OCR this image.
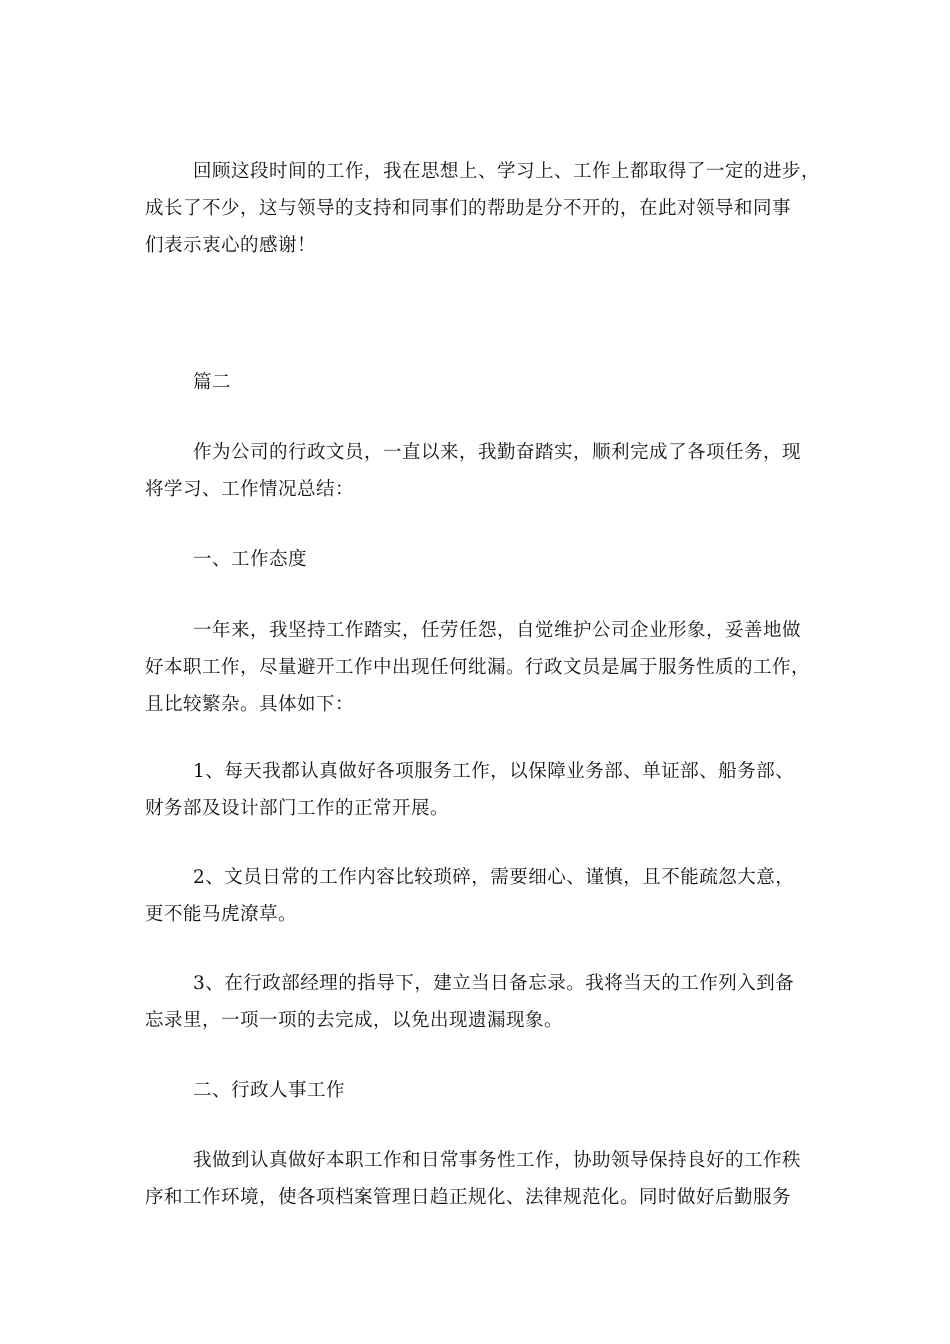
回顾这段时间的工作，我在思想上、学习上、工作上都取得了一定的进步，
成长了不少，这与领导的支持和同事们的帮助是分不开的，在此对领导和同事
们表示衷心的感谢！
篇二
作为公司的行政文员，一直以来，我勤奋踏实，顺利完成了各项任务，现
将学习、工作情况总结：
一、工作态度
一年来，我坚持工作踏实，任劳任怨，自觉维护公司企业形象，妥善地做
好本职工作，尽量避开工作中出现任何纰漏。行政文员是属于服务性质的工作，
且比较繁杂。具体如下：
1、每天我都认真做好各项服务工作，以保障业务部、单证部、船务部、
财务部及设计部门工作的正常开展。
2、文员日常的工作内容比较琐碎，需要细心、谨慎，且不能疏忽大意，
更不能马虎潦草。
3、在行政部经理的指导下，建立当日备忘录。我将当天的工作列入到备
忘录里，一项一项的去完成，以免出现遗漏现象。
二、行政人事工作
我做到认真做好本职工作和日常事务性工作，协助领导保持良好的工作秩
序和工作环境，使各项档案管理日趋正规化、法律规范化。同时做好后勤服务
